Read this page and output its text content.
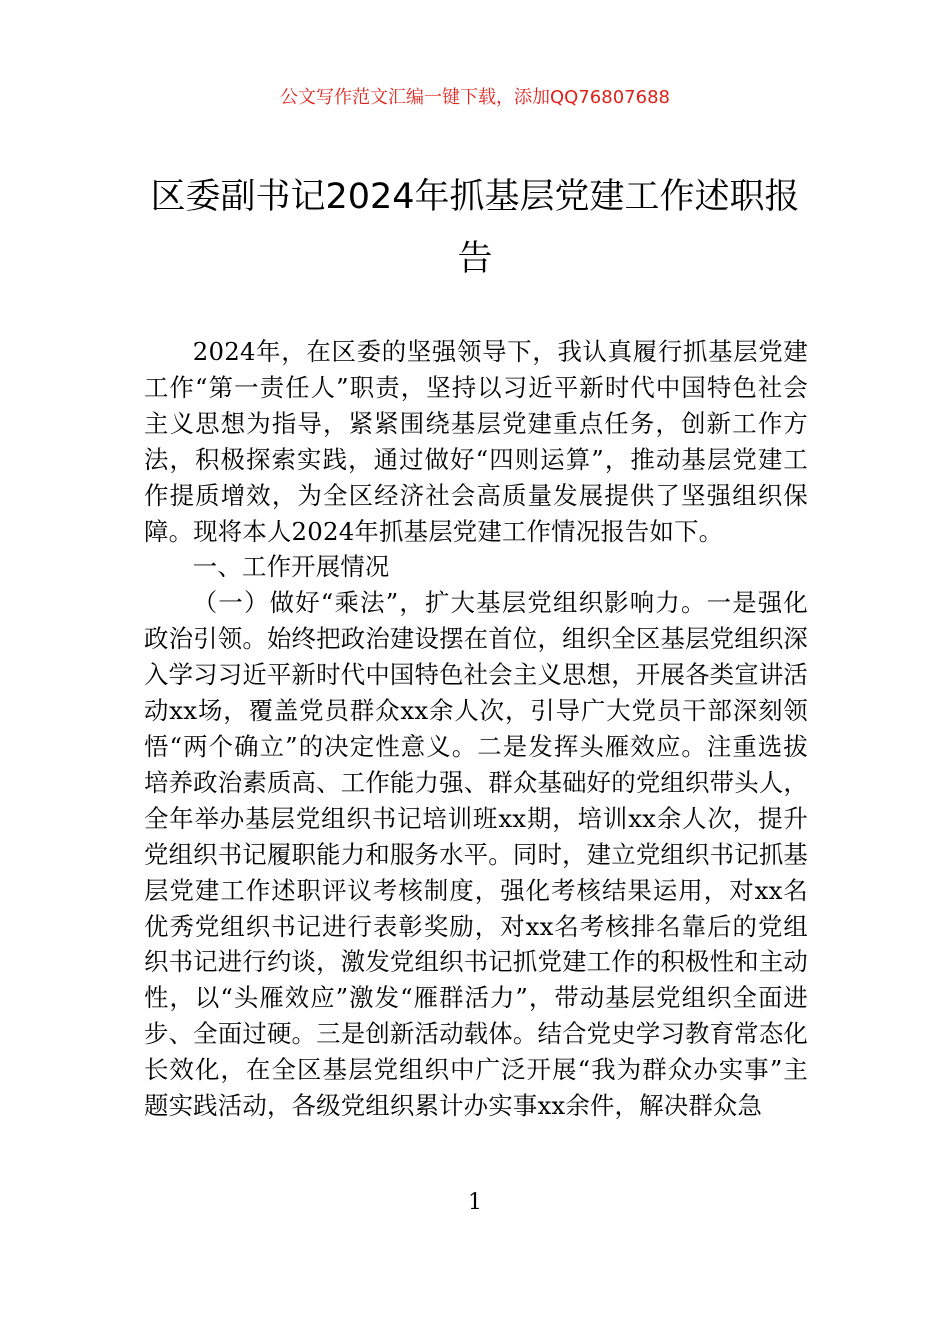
公文写作范文汇编一键下载，添加QQ76807688
区委副书记2024年抓基层党建工作述职报
告

2024年，在区委的坚强领导下，我认真履行抓基层党建工作“第一责任人”职责，坚持以习近平新时代中国特色社会主义思想为指导，紧紧围绕基层党建重点任务，创新工作方法，积极探索实践，通过做好“四则运算”，推动基层党建工作提质增效，为全区经济社会高质量发展提供了坚强组织保障。现将本人2024年抓基层党建工作情况报告如下。

一、工作开展情况

（一）做好“乘法”，扩大基层党组织影响力。一是强化政治引领。始终把政治建设摆在首位，组织全区基层党组织深入学习习近平新时代中国特色社会主义思想，开展各类宣讲活动xx场，覆盖党员群众xx余人次，引导广大党员干部深刻领悟“两个确立”的决定性意义。二是发挥头雁效应。注重选拔培养政治素质高、工作能力强、群众基础好的党组织带头人，全年举办基层党组织书记培训班xx期，培训xx余人次，提升党组织书记履职能力和服务水平。同时，建立党组织书记抓基层党建工作述职评议考核制度，强化考核结果运用，对xx名优秀党组织书记进行表彰奖励，对xx名考核排名靠后的党组织书记进行约谈，激发党组织书记抓党建工作的积极性和主动性，以“头雁效应”激发“雁群活力”，带动基层党组织全面进步、全面过硬。三是创新活动载体。结合党史学习教育常态化长效化，在全区基层党组织中广泛开展“我为群众办实事”主题实践活动，各级党组织累计办实事xx余件，解决群众急

1
